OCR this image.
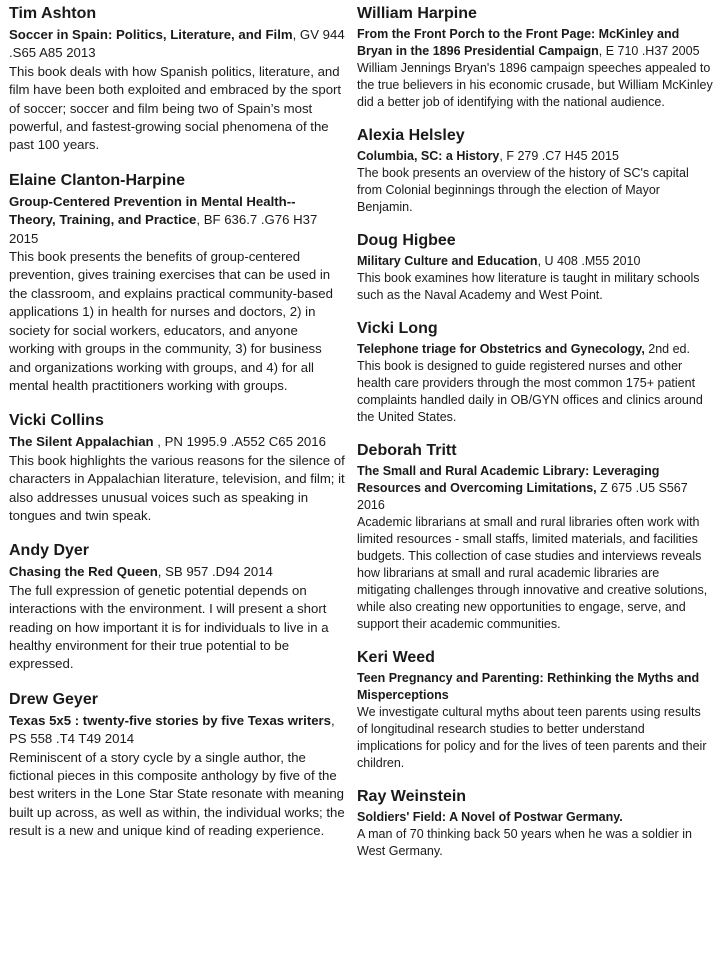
Tim Ashton
Soccer in Spain: Politics, Literature, and Film, GV 944 .S65 A85 2013
This book deals with how Spanish politics, literature, and film have been both exploited and embraced by the sport of soccer; soccer and film being two of Spain’s most powerful, and fastest-growing social phenomena of the past 100 years.
Elaine Clanton-Harpine
Group-Centered Prevention in Mental Health-- Theory, Training, and Practice, BF 636.7 .G76 H37 2015
This book presents the benefits of group-centered prevention, gives training exercises that can be used in the classroom, and explains practical community-based applications 1) in health for nurses and doctors, 2) in society for social workers, educators, and anyone working with groups in the community, 3) for business and organizations working with groups, and 4) for all mental health practitioners working with groups.
Vicki Collins
The Silent Appalachian , PN 1995.9 .A552 C65 2016
This book highlights the various reasons for the silence of characters in Appalachian literature, television, and film; it also addresses unusual voices such as speaking in tongues and twin speak.
Andy Dyer
Chasing the Red Queen, SB 957 .D94 2014
The full expression of genetic potential depends on interactions with the environment. I will present a short reading on how important it is for individuals to live in a healthy environment for their true potential to be expressed.
Drew Geyer
Texas 5x5 : twenty-five stories by five Texas writers, PS 558 .T4 T49 2014
Reminiscent of a story cycle by a single author, the fictional pieces in this composite anthology by five of the best writers in the Lone Star State resonate with meaning built up across, as well as within, the individual works; the result is a new and unique kind of reading experience.
William Harpine
From the Front Porch to the Front Page: McKinley and Bryan in the 1896 Presidential Campaign, E 710 .H37 2005
William Jennings Bryan's 1896 campaign speeches appealed to the true believers in his economic crusade, but William McKinley did a better job of identifying with the national audience.
Alexia Helsley
Columbia, SC: a History, F 279 .C7 H45 2015
The book presents an overview of the history of SC's capital from Colonial beginnings through the election of Mayor Benjamin.
Doug Higbee
Military Culture and Education, U 408 .M55 2010
This book examines how literature is taught in military schools such as the Naval Academy and West Point.
Vicki Long
Telephone triage for Obstetrics and Gynecology, 2nd ed.
This book is designed to guide registered nurses and other health care providers through the most common 175+ patient complaints handled daily in OB/GYN offices and clinics around the United States.
Deborah Tritt
The Small and Rural Academic Library: Leveraging Resources and Overcoming Limitations, Z 675 .U5 S567 2016
Academic librarians at small and rural libraries often work with limited resources - small staffs, limited materials, and facilities budgets. This collection of case studies and interviews reveals how librarians at small and rural academic libraries are mitigating challenges through innovative and creative solutions, while also creating new opportunities to engage, serve, and support their academic communities.
Keri Weed
Teen Pregnancy and Parenting: Rethinking the Myths and Misperceptions
We investigate cultural myths about teen parents using results of longitudinal research studies to better understand implications for policy and for the lives of teen parents and their children.
Ray Weinstein
Soldiers' Field: A Novel of Postwar Germany.
A man of 70 thinking back 50 years when he was a soldier in West Germany.
